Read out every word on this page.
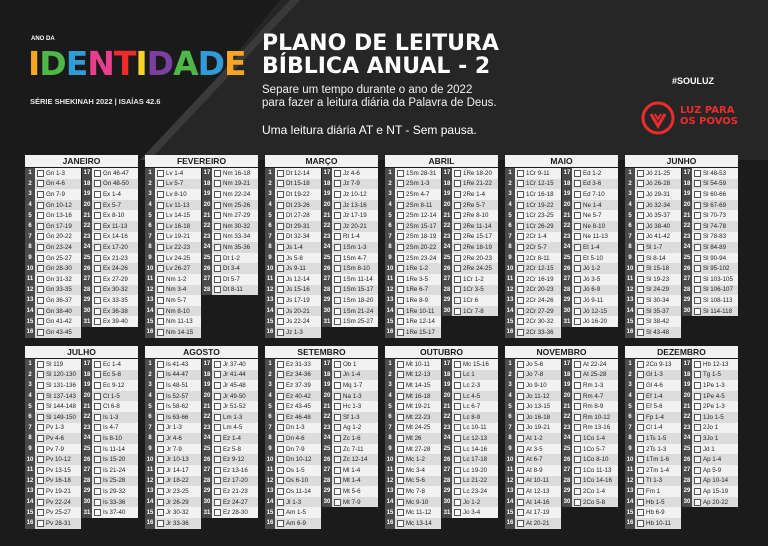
ANO DA
IDENTIDADE
SÉRIE SHEKINAH 2022 | ISAÍAS 42.6
PLANO DE LEITURA
BÍBLICA ANUAL - 2
Separe um tempo durante o ano de 2022
para fazer a leitura diária da Palavra de Deus.
Uma leitura diária AT e NT - Sem pausa.
#SOULUZ
LUZ PARA
OS POVOS
JANEIRO
1	Gn 1-3
2	Gn 4-6
3	Gn 7-9
4	Gn 10-12
5	Gn 13-16
6	Gn 17-19
7	Gn 20-22
8	Gn 23-24
9	Gn 25-27
10 Gn 28-30
11 Gn 31-32
12 Gn 33-35
13 Gn 36-37
14 Gn 38-40
15 Gn 41-42
16 Gn 43-45
17 Gn 46-47
18 Gn 48-50
19 Ex 1-4
20 Ex 5-7
21 Ex 8-10
22 Ex 11-13
23 Ex 14-16
24 Ex 17-20
25 Ex 21-23
26 Ex 24-26
27 Ex 27-29
28 Ex 30-32
29 Ex 33-35
30 Ex 36-38
31 Ex 39-40
FEVEREIRO
1	Lv 1-4
2	Lv 5-7
3	Lv 8-10
4	Lv 11-13
5	Lv 14-15
6	Lv 16-18
7	Lv 19-21
8	Lv 22-23
9	Lv 24-25
10 Lv 26-27
11 Nm 1-2
12 Nm 3-4
13 Nm 5-7
14 Nm 8-10
15 Nm 11-13
16 Nm 14-15
17 Nm 16-18
18 Nm 19-21
19 Nm 22-24
20 Nm 25-26
21 Nm 27-29
22 Nm 30-32
23 Nm 33-34
24 Nm 35-36
25 Dt 1-2
26 Dt 3-4
27 Dt 5-7
28 Dt 8-11
MARÇO
1	Dt 12-14
2	Dt 15-18
3	Dt 19-22
4	Dt 23-26
5	Dt 27-28
6	Dt 29-31
7	Dt 32-34
8	Js 1-4
9	Js 5-8
10 Js 9-11
11 Js 12-14
12 Js 15-16
13 Js 17-19
14 Js 20-21
15 Js 22-24
16 Jz 1-3
17 Jz 4-6
18 Jz 7-9
19 Jz 10-12
20 Jz 13-16
21 Jz 17-19
22 Jz 20-21
23 Rt 1-4
24 1Sm 1-3
25 1Sm 4-7
26 1Sm 8-10
27 1Sm 11-14
28 1Sm 15-17
29 1Sm 18-20
30 1Sm 21-24
31 1Sm 25-27
ABRIL
1	1Sm 28-31
2	2Sm 1-3
3	2Sm 4-7
4	2Sm 8-11
5	2Sm 12-14
6	2Sm 15-17
7	2Sm 18-19
8	2Sm 20-22
9	2Sm 23-24
10 1Re 1-2
11 1Re 3-5
12 1Re 6-7
13 1Re 8-9
14 1Re 10-11
15 1Re 12-14
16 1Re 15-17
17 1Re 18-20
18 1Re 21-22
19 2Re 1-4
20 2Re 5-7
21 2Re 8-10
22 2Re 11-14
23 2Re 15-17
24 2Re 18-19
25 2Re 20-23
26 2Re 24-25
27 1Cr 1-2
28 1Cr 3-5
29 1Cr 6
30 1Cr 7-8
MAIO
1	1Cr 9-11
2	1Cr 12-15
3	1Cr 16-18
4	1Cr 19-22
5	1Cr 23-25
6	1Cr 26-29
7	2Cr 1-4
8	2Cr 5-7
9	2Cr 8-11
10 2Cr 12-15
11 2Cr 16-19
12 2Cr 20-23
13 2Cr 24-26
14 2Cr 27-29
15 2Cr 30-32
16 2Cr 33-36
17 Ed 1-2
18 Ed 3-6
19 Ed 7-10
20 Ne 1-4
21 Ne 5-7
22 Ne 8-10
23 Ne 11-13
24 Et 1-4
25 Et 5-10
26 Jó 1-2
27 Jó 3-5
28 Jó 6-9
29 Jó 9-11
30 Jó 12-15
31 Jó 16-20
JUNHO
1	Jó 21-25
2	Jó 26-28
3	Jó 29-31
4	Jó 32-34
5	Jó 35-37
6	Jó 38-40
7	Jó 41-42
8	Sl 1-7
9	Sl 8-14
10 Sl 15-18
11 Sl 19-23
12 Sl 24-29
13 Sl 30-34
14 Sl 35-37
15 Sl 38-42
16 Sl 43-48
17 Sl 48-53
18 Sl 54-59
19 Sl 60-66
20 Sl 67-69
21 Sl 70-73
22 Sl 74-78
23 Sl 78-83
24 Sl 84-89
25 Sl 90-94
26 Sl 95-102
27 Sl 103-105
28 Sl 106-107
29 Sl 108-113
30 Sl 114-118
JULHO
1	Sl 119
2	Sl 120-130
3	Sl 131-136
4	Sl 137-143
5	Sl 144-148
6	Sl 149-150
7	Pv 1-3
8	Pv 4-6
9	Pv 7-9
10 Pv 10-12
11 Pv 13-15
12 Pv 16-18
13 Pv 19-21
14 Pv 22-24
15 Pv 25-27
16 Pv 28-31
17 Ec 1-4
18 Ec 5-8
19 Ec 9-12
20 Ct 1-5
21 Ct 6-8
22 Is 1-3
23 Is 4-7
24 Is 8-10
25 Is 11-14
26 Is 15-20
27 Is 21-24
28 Is 25-28
29 Is 29-32
30 Is 33-36
31 Is 37-40
AGOSTO
1	Is 41-43
2	Is 44-47
3	Is 48-51
4	Is 52-57
5	Is 58-62
6	Is 63-66
7	Jr 1-3
8	Jr 4-6
9	Jr 7-9
10 Jr 10-13
11 Jr 14-17
12 Jr 18-22
13 Jr 23-25
14 Jr 26-29
15 Jr 30-32
16 Jr 33-36
17 Jr 37-40
18 Jr 41-44
19 Jr 45-48
20 Jr 49-50
21 Jr 51-52
22 Lm 1-3
23 Lm 4-5
24 Ez 1-4
25 Ez 5-8
26 Ez 9-12
27 Ez 13-16
28 Ez 17-20
29 Ez 21-23
30 Ez 24-27
31 Ez 28-30
SETEMBRO
1	Ez 31-33
2	Ez 34-36
3	Ez 37-39
4	Ez 40-42
5	Ez 43-45
6	Ez 46-48
7	Dn 1-3
8	Dn 4-6
9	Dn 7-9
10 Dn 10-12
11 Os 1-5
12 Os 6-10
13 Os 11-14
14 Jl 1-3
15 Am 1-5
16 Am 6-9
17 Ob 1
18 Jn 1-4
19 Mq 1-7
20 Na 1-3
21 Hc 1-3
22 Sf 1-3
23 Ag 1-2
24 Zc 1-6
25 Zc 7-11
26 Zc 12-14
27 Ml 1-4
28 Mt 1-4
29 Mt 5-6
30 Mt 7-9
OUTUBRO
1	Mt 10-11
2	Mt 12-13
3	Mt 14-15
4	Mt 16-18
5	Mt 19-21
6	Mt 22-23
7	Mt 24-25
8	Mt 26
9	Mt 27-28
10 Mc 1-2
11 Mc 3-4
12 Mc 5-6
13 Mc 7-8
14 Mc 9-10
15 Mc 11-12
16 Mc 13-14
17 Mc 15-16
18 Lc 1
19 Lc 2-3
20 Lc 4-5
21 Lc 6-7
22 Lc 8-9
23 Lc 10-11
24 Lc 12-13
25 Lc 14-16
26 Lc 17-18
27 Lc 19-20
28 Lc 21-22
29 Lc 23-24
30 Jo 1-2
31 Jo 3-4
NOVEMBRO
1	Jo 5-6
2	Jo 7-8
3	Jo 9-10
4	Jo 11-12
5	Jo 13-15
6	Jo 16-18
7	Jo 19-21
8	At 1-2
9	At 3-5
10 At 6-7
11 At 8-9
12 At 10-11
13 At 12-13
14 At 14-16
15 At 17-19
16 At 20-21
17 At 22-24
18 At 25-28
19 Rm 1-3
20 Rm 4-7
21 Rm 8-9
22 Rm 10-12
23 Rm 13-16
24 1Co 1-4
25 1Co 5-7
26 1Co 8-10
27 1Co 11-13
28 1Co 14-16
29 2Co 1-4
30 2Co 5-8
DEZEMBRO
1	2Co 9-13
2	Gl 1-3
3	Gl 4-6
4	Ef 1-4
5	Ef 5-6
6	Fp 1-4
7	Cl 1-4
8	1Ts 1-5
9	2Ts 1-3
10 1Tm 1-6
11 2Tm 1-4
12 Tt 1-3
13 Fm 1
14 Hb 1-5
15 Hb 6-9
16 Hb 10-11
17 Hb 12-13
18 Tg 1-5
19 1Pe 1-3
20 1Pe 4-5
21 2Pe 1-3
22 1Jo 1-5
23 2Jo 1
24 3Jo 1
25 Jd 1
26 Ap 1-4
27 Ap 5-9
28 Ap 10-14
29 Ap 15-19
30 Ap 20-22
